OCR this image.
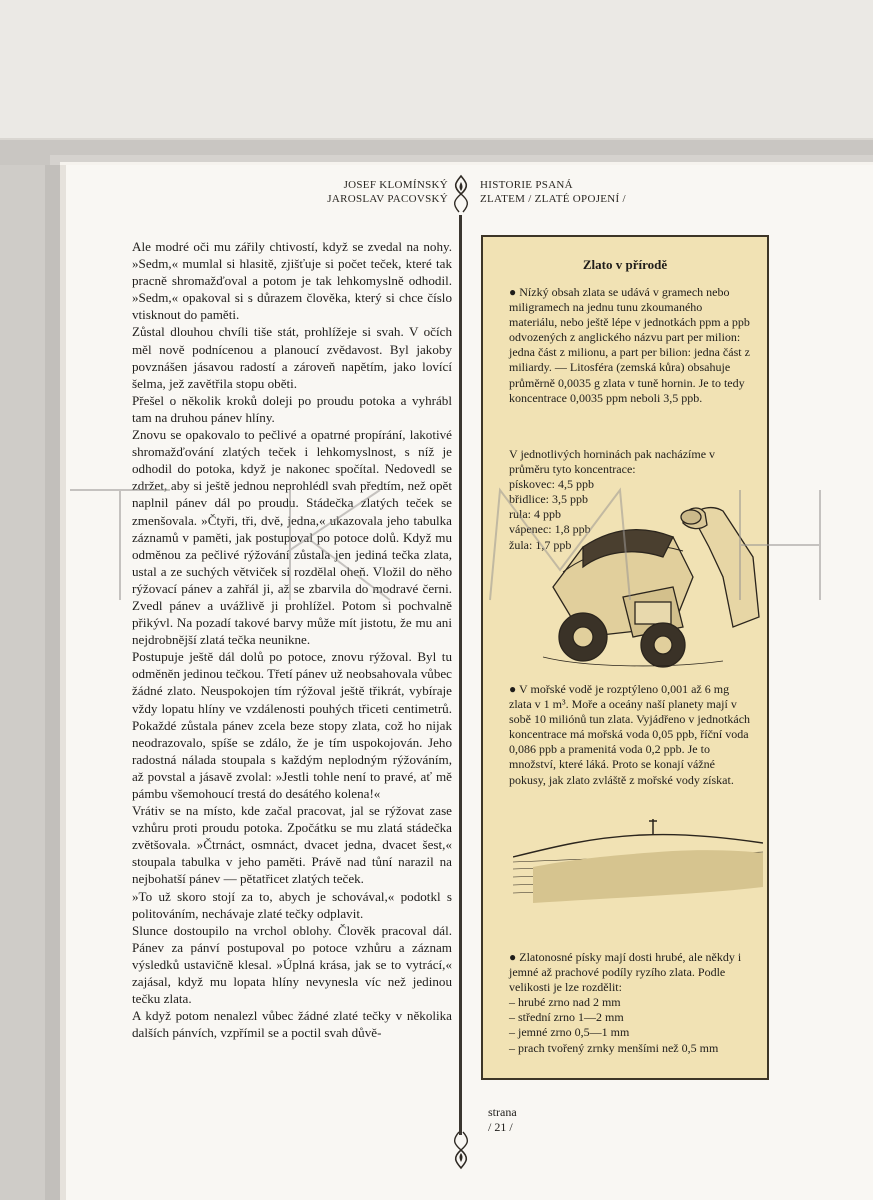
JOSEF KLOMÍNSKÝ
JAROSLAV PACOVSKÝ
HISTORIE PSANÁ
ZLATEM / ZLATÉ OPOJENÍ /

Ale modré oči mu zářily chtivostí, když se zvedal na nohy. »Sedm,« mumlal si hlasitě, zjišťuje si počet teček, které tak pracně shromažďoval a potom je tak lehkomyslně odhodil. »Sedm,« opakoval si s důrazem člověka, který si chce číslo vtisknout do paměti.

Zůstal dlouhou chvíli tiše stát, prohlížeje si svah. V očích měl nově podnícenou a planoucí zvědavost. Byl jakoby povznášen jásavou radostí a zároveň napětím, jako lovící šelma, jež zavětřila stopu oběti.

Přešel o několik kroků doleji po proudu potoka a vyhrábl tam na druhou pánev hlíny.

Znovu se opakovalo to pečlivé a opatrné propírání, lakotivé shromažďování zlatých teček i lehkomyslnost, s níž je odhodil do potoka, když je nakonec spočítal. Nedovedl se zdržet, aby si ještě jednou neprohlédl svah předtím, než opět naplnil pánev dál po proudu. Stádečka zlatých teček se zmenšovala. »Čtyři, tři, dvě, jedna,« ukazovala jeho tabulka záznamů v paměti, jak postupoval po potoce dolů. Když mu odměnou za pečlivé rýžování zůstala jen jediná tečka zlata, ustal a ze suchých větviček si rozdělal oheň. Vložil do něho rýžovací pánev a zahřál ji, až se zbarvila do modravé černi. Zvedl pánev a uvážlivě ji prohlížel. Potom si pochvalně přikývl. Na pozadí takové barvy může mít jistotu, že mu ani nejdrobnější zlatá tečka neunikne.

Postupuje ještě dál dolů po potoce, znovu rýžoval. Byl tu odměněn jedinou tečkou. Třetí pánev už neobsahovala vůbec žádné zlato. Neuspokojen tím rýžoval ještě třikrát, vybíraje vždy lopatu hlíny ve vzdálenosti pouhých třiceti centimetrů. Pokaždé zůstala pánev zcela beze stopy zlata, což ho nijak neodrazovalo, spíše se zdálo, že je tím uspokojován. Jeho radostná nálada stoupala s každým neplodným rýžováním, až povstal a jásavě zvolal: »Jestli tohle není to pravé, ať mě pámbu všemohoucí trestá do desátého kolena!«

Vrátiv se na místo, kde začal pracovat, jal se rýžovat zase vzhůru proti proudu potoka. Zpočátku se mu zlatá stádečka zvětšovala. »Čtrnáct, osmnáct, dvacet jedna, dvacet šest,« stoupala tabulka v jeho paměti. Právě nad tůní narazil na nejbohatší pánev — pětatřicet zlatých teček.

»To už skoro stojí za to, abych je schovával,« podotkl s politováním, nechávaje zlaté tečky odplavit.

Slunce dostoupilo na vrchol oblohy. Člověk pracoval dál. Pánev za pánví postupoval po potoce vzhůru a záznam výsledků ustavičně klesal. »Úplná krása, jak se to vytrácí,« zajásal, když mu lopata hlíny nevynesla víc než jedinou tečku zlata.

A když potom nenalezl vůbec žádné zlaté tečky v několika dalších pánvích, vzpřímil se a poctil svah důvě-

Zlato v přírodě

● Nízký obsah zlata se udává v gramech nebo miligramech na jednu tunu zkoumaného materiálu, nebo ještě lépe v jednotkách ppm a ppb odvozených z anglického názvu part per milion: jedna část z milionu, a part per bilion: jedna část z miliardy. — Litosféra (zemská kůra) obsahuje průměrně 0,0035 g zlata v tuně hornin. Je to tedy koncentrace 0,0035 ppm neboli 3,5 ppb.

V jednotlivých horninách pak nacházíme v průměru tyto koncentrace:

pískovec: 4,5 ppb
břidlice: 3,5 ppb
rula: 4 ppb
vápenec: 1,8 ppb
žula: 1,7 ppb

● V mořské vodě je rozptýleno 0,001 až 6 mg zlata v 1 m³. Moře a oceány naší planety mají v sobě 10 miliónů tun zlata. Vyjádřeno v jednotkách koncentrace má mořská voda 0,05 ppb, říční voda 0,086 ppb a pramenitá voda 0,2 ppb. Je to množství, které láká. Proto se konají vážné pokusy, jak zlato zvláště z mořské vody získat.

● Zlatonosné písky mají dosti hrubé, ale někdy i jemné až prachové podíly ryzího zlata. Podle velikosti je lze rozdělit:

– hrubé zrno nad 2 mm
– střední zrno 1—2 mm
– jemné zrno 0,5—1 mm
– prach tvořený zrnky menšími než 0,5 mm
strana
/ 21 /
